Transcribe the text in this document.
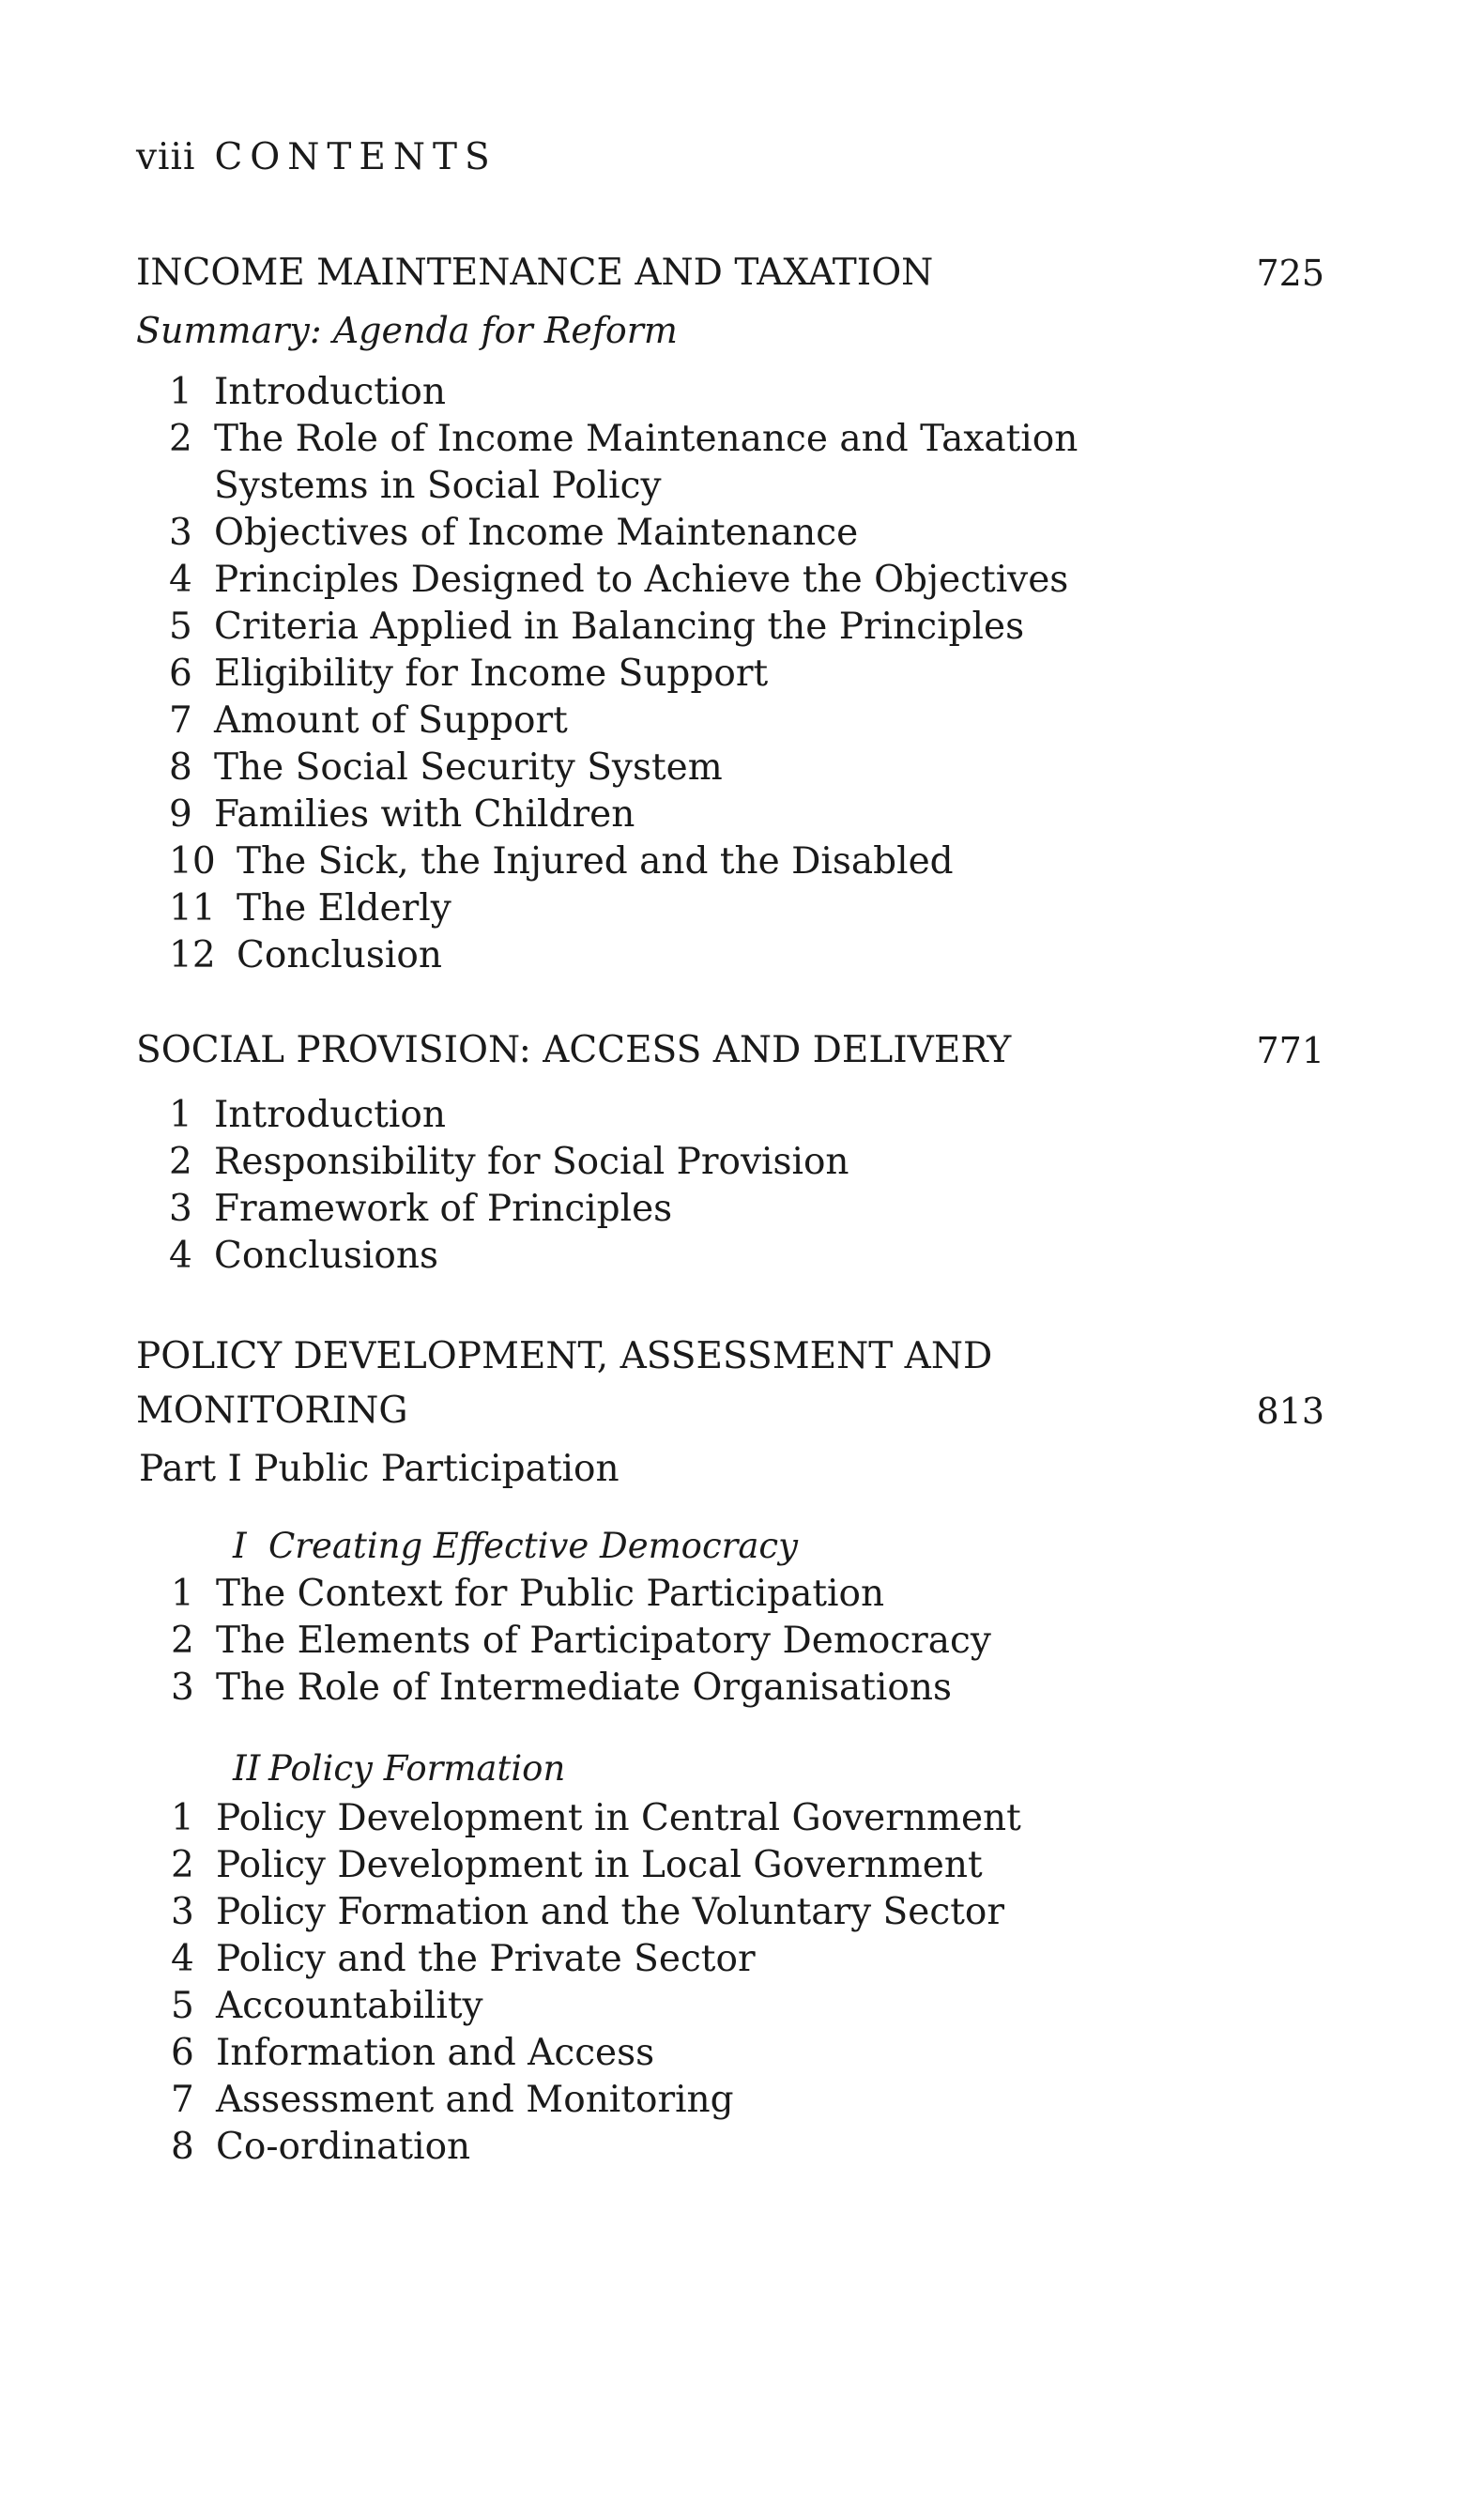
viii CONTENTS
INCOME MAINTENANCE AND TAXATION	725
Summary: Agenda for Reform
1 Introduction
2 The Role of Income Maintenance and Taxation
Systems in Social Policy
3 Objectives of Income Maintenance
4 Principles Designed to Achieve the Objectives
5 Criteria Applied in Balancing the Principles
6 Eligibility for Income Support
7 Amount of Support
8 The Social Security System
9 Families with Children
10 The Sick, the Injured and the Disabled
11 The Elderly
12 Conclusion
SOCIAL PROVISION: ACCESS AND DELIVERY	771
1 Introduction
2 Responsibility for Social Provision
3 Framework of Principles
4 Conclusions
POLICY DEVELOPMENT, ASSESSMENT AND
MONITORING	813
Part I Public Participation
I Creating Effective Democracy
1 The Context for Public Participation
2 The Elements of Participatory Democracy
3 The Role of Intermediate Organisations
II Policy Formation
1 Policy Development in Central Government
2 Policy Development in Local Government
3 Policy Formation and the Voluntary Sector
4 Policy and the Private Sector
5 Accountability
6 Information and Access
7 Assessment and Monitoring
8 Co-ordination
